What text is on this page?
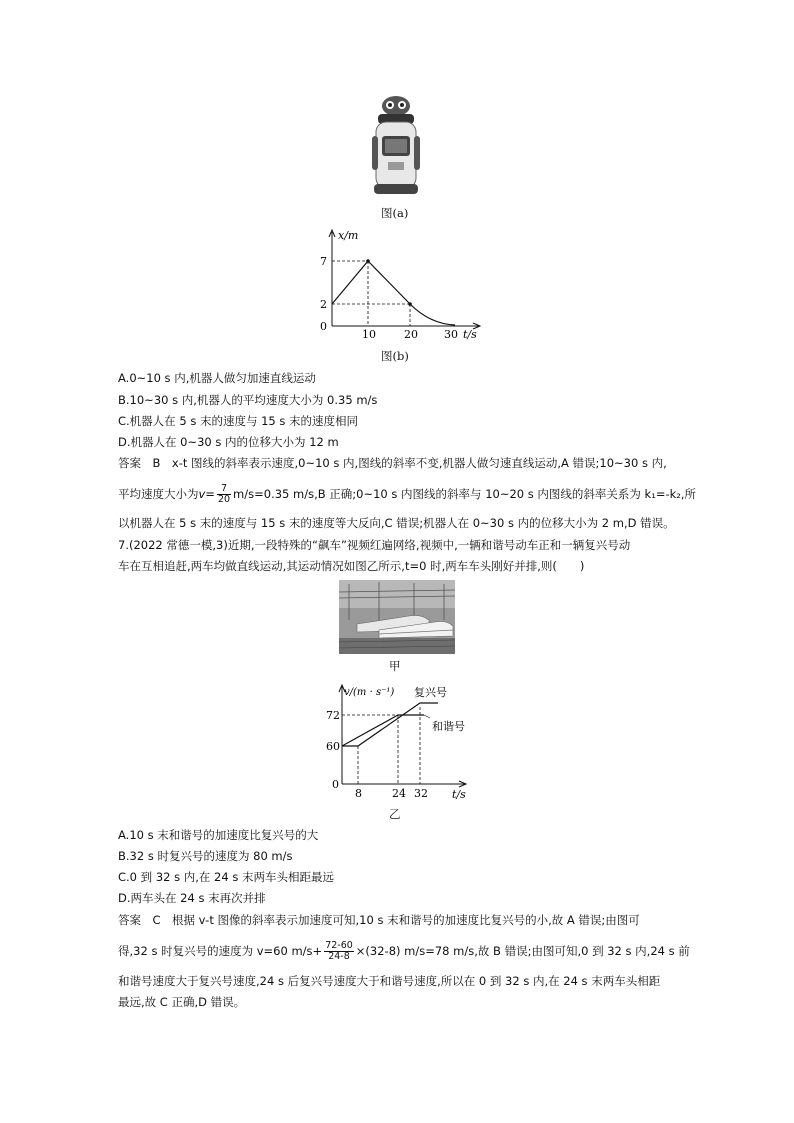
图(a)
x/m
7
2
0
10	20 30 t/s
图(b)
A.0~10 s 内,机器人做匀加速直线运动
B.10~30 s 内,机器人的平均速度大小为 0.35 m/s
C.机器人在 5 s 末的速度与 15 s 末的速度相同
D.机器人在 0~30 s 内的位移大小为 12 m
答案　B　x-t 图线的斜率表示速度,0~10 s 内,图线的斜率不变,机器人做匀速直线运动,A 错误;10~30 s 内,
平均速度大小为$v= \frac{7}{20} m/s=0.35$ m/s,B 正确;0~10 s 内图线的斜率与 10~20 s 内图线的斜率关系为 k₁=-k₂,所
以机器人在 5 s 末的速度与 15 s 末的速度等大反向,C 错误;机器人在 0~30 s 内的位移大小为 2 m,D 错误。
7.(2022 常德一模,3)近期,一段特殊的“飙车”视频红遍网络,视频中,一辆和谐号动车正和一辆复兴号动
车在互相追赶,两车均做直线运动,其运动情况如图乙所示,t=0 时,两车车头刚好并排,则(　　)
甲
v/(m · s⁻¹) 复兴号
和谐号
72
60
0
8	24 32 t/s
乙
A.10 s 末和谐号的加速度比复兴号的大
B.32 s 时复兴号的速度为 80 m/s
C.0 到 32 s 内,在 24 s 末两车头相距最远
D.两车头在 24 s 末再次并排
答案　C　根据 v-t 图像的斜率表示加速度可知,10 s 末和谐号的加速度比复兴号的小,故 A 错误;由图可
得,32 s 时复兴号的速度为 v=60 $m/s+ \frac{72-60}{24-8} \times(32-8)$ m/s=78 m/s,故 B 错误;由图可知,0 到 32 s 内,24 s 前
和谐号速度大于复兴号速度,24 s 后复兴号速度大于和谐号速度,所以在 0 到 32 s 内,在 24 s 末两车头相距
最远,故 C 正确,D 错误。
